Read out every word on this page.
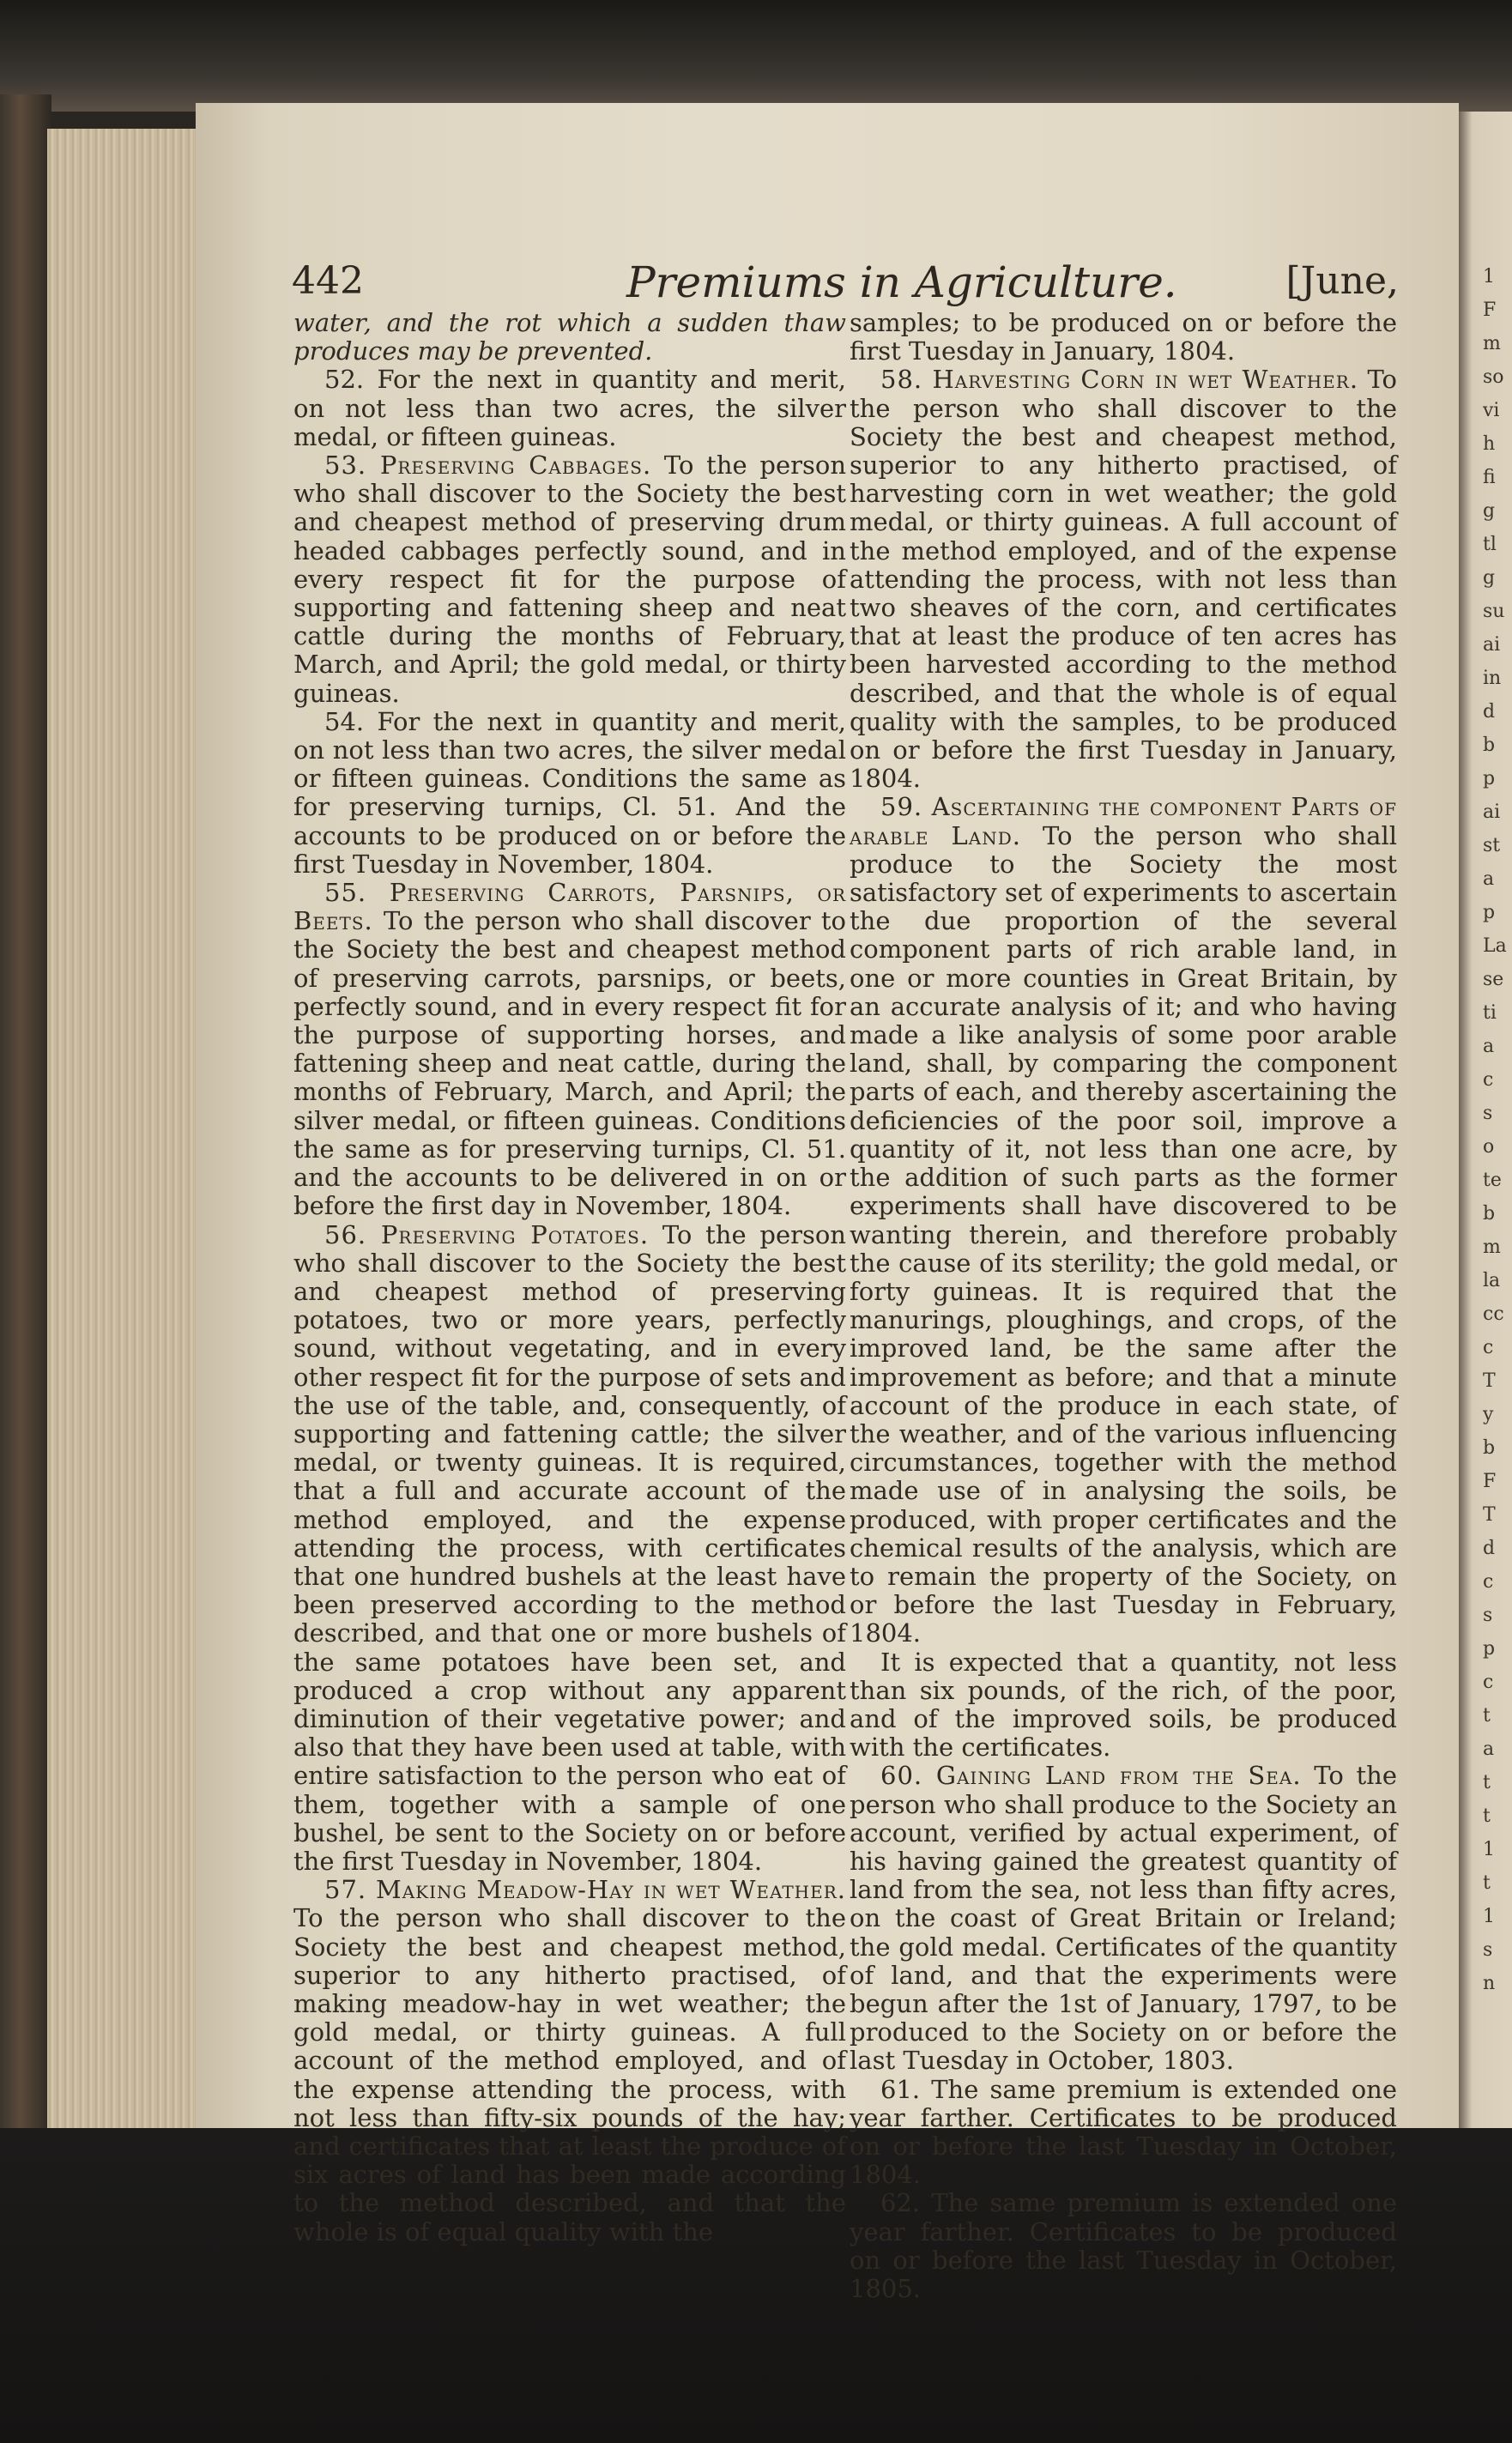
1
F
m
so
vi
h
fi
g
tl
g
su
ai
in
d
b
p
ai
st
a
p
La
se
ti
a
c
s
o
te
b
m
la
cc
c
T
y
b
F
T
d
c
s
p
c
t
a
t
t
1
t
1
s
n
442	Premiums in Agriculture.	[June,

water, and the rot which a sudden thaw produces may be prevented.

52. For the next in quantity and merit, on not less than two acres, the silver medal, or fifteen guineas.

53. Preserving Cabbages. To the person who shall discover to the Society the best and cheapest method of preserving drum headed cabbages perfectly sound, and in every respect fit for the purpose of supporting and fattening sheep and neat cattle during the months of February, March, and April; the gold medal, or thirty guineas.

54. For the next in quantity and merit, on not less than two acres, the silver medal or fifteen guineas. Conditions the same as for preserving turnips, Cl. 51. And the accounts to be produced on or before the first Tuesday in November, 1804.

55. Preserving Carrots, Parsnips, or Beets. To the person who shall discover to the Society the best and cheapest method of preserving carrots, parsnips, or beets, perfectly sound, and in every respect fit for the purpose of supporting horses, and fattening sheep and neat cattle, during the months of February, March, and April; the silver medal, or fifteen guineas. Conditions the same as for preserving turnips, Cl. 51. and the accounts to be delivered in on or before the first day in November, 1804.

56. Preserving Potatoes. To the person who shall discover to the Society the best and cheapest method of preserving potatoes, two or more years, perfectly sound, without vegetating, and in every other respect fit for the purpose of sets and the use of the table, and, consequently, of supporting and fattening cattle; the silver medal, or twenty guineas. It is required, that a full and accurate account of the method employed, and the expense attending the process, with certificates that one hundred bushels at the least have been preserved according to the method described, and that one or more bushels of the same potatoes have been set, and produced a crop without any apparent diminution of their vegetative power; and also that they have been used at table, with entire satisfaction to the person who eat of them, together with a sample of one bushel, be sent to the Society on or before the first Tuesday in November, 1804.

57. Making Meadow-Hay in wet Weather. To the person who shall discover to the Society the best and cheapest method, superior to any hitherto practised, of making meadow-hay in wet weather; the gold medal, or thirty guineas. A full account of the method employed, and of the expense attending the process, with not less than fifty-six pounds of the hay; and certificates that at least the produce of six acres of land has been made according to the method described, and that the whole is of equal quality with the

samples; to be produced on or before the first Tuesday in January, 1804.

58. Harvesting Corn in wet Weather. To the person who shall discover to the Society the best and cheapest method, superior to any hitherto practised, of harvesting corn in wet weather; the gold medal, or thirty guineas. A full account of the method employed, and of the expense attending the process, with not less than two sheaves of the corn, and certificates that at least the produce of ten acres has been harvested according to the method described, and that the whole is of equal quality with the samples, to be produced on or before the first Tuesday in January, 1804.

59. Ascertaining the component Parts of arable Land. To the person who shall produce to the Society the most satisfactory set of experiments to ascertain the due proportion of the several component parts of rich arable land, in one or more counties in Great Britain, by an accurate analysis of it; and who having made a like analysis of some poor arable land, shall, by comparing the component parts of each, and thereby ascertaining the deficiencies of the poor soil, improve a quantity of it, not less than one acre, by the addition of such parts as the former experiments shall have discovered to be wanting therein, and therefore probably the cause of its sterility; the gold medal, or forty guineas. It is required that the manurings, ploughings, and crops, of the improved land, be the same after the improvement as before; and that a minute account of the produce in each state, of the weather, and of the various influencing circumstances, together with the method made use of in analysing the soils, be produced, with proper certificates and the chemical results of the analysis, which are to remain the property of the Society, on or before the last Tuesday in February, 1804.

It is expected that a quantity, not less than six pounds, of the rich, of the poor, and of the improved soils, be produced with the certificates.

60. Gaining Land from the Sea. To the person who shall produce to the Society an account, verified by actual experiment, of his having gained the greatest quantity of land from the sea, not less than fifty acres, on the coast of Great Britain or Ireland; the gold medal. Certificates of the quantity of land, and that the experiments were begun after the 1st of January, 1797, to be produced to the Society on or before the last Tuesday in October, 1803.

61. The same premium is extended one year farther. Certificates to be produced on or before the last Tuesday in October, 1804.

62. The same premium is extended one year farther. Certificates to be produced on or before the last Tuesday in October, 1805.
